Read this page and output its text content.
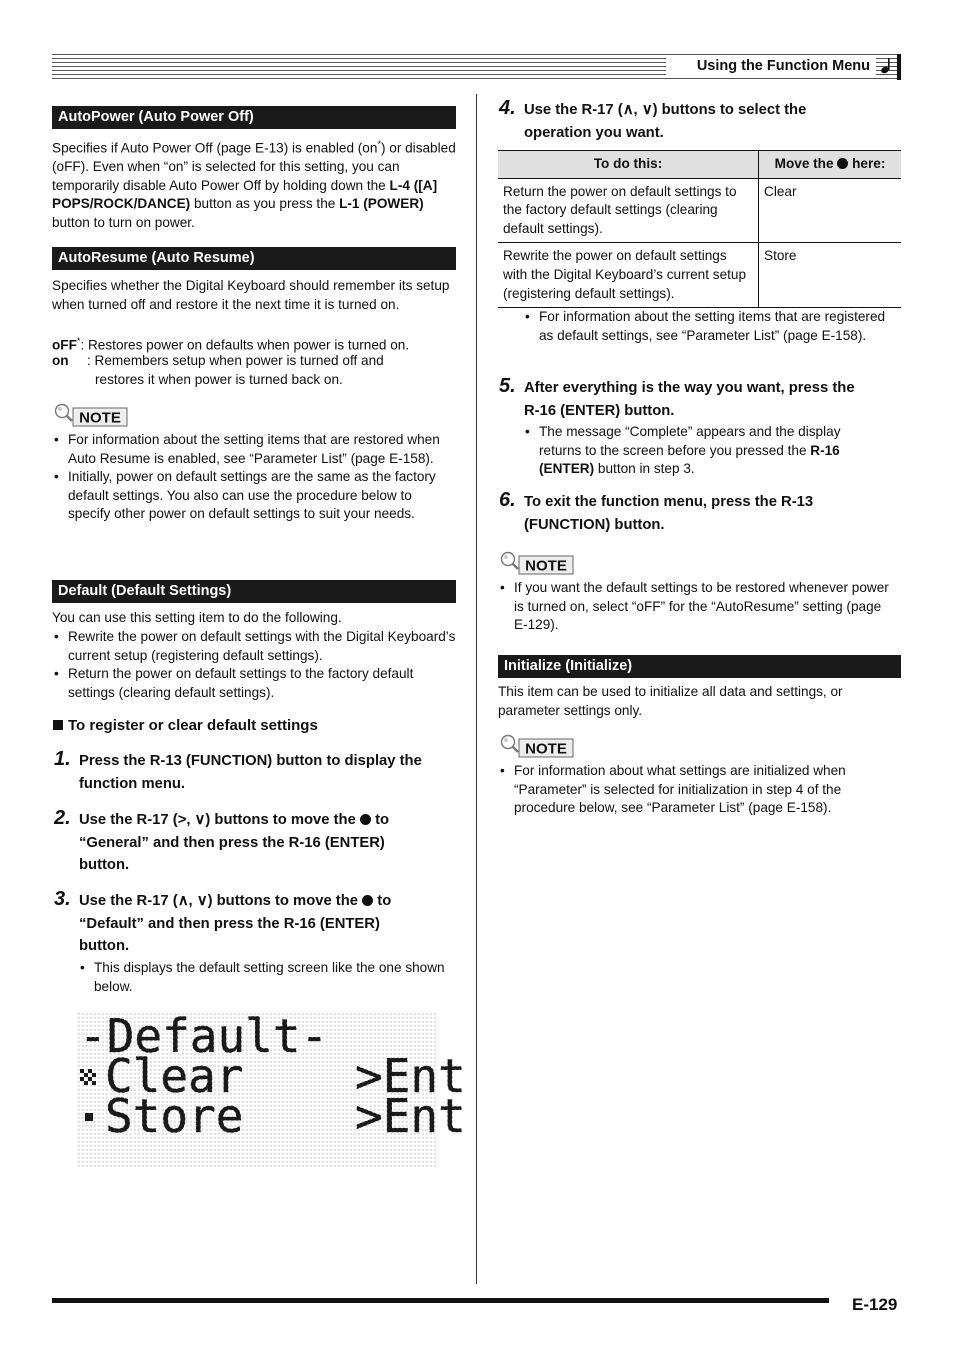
Using the Function Menu
AutoPower (Auto Power Off)
Specifies if Auto Power Off (page E-13) is enabled (on*) or disabled (oFF). Even when “on” is selected for this setting, you can temporarily disable Auto Power Off by holding down the L-4 ([A] POPS/ROCK/DANCE) button as you press the L-1 (POWER) button to turn on power.
AutoResume (Auto Resume)
Specifies whether the Digital Keyboard should remember its setup when turned off and restore it the next time it is turned on.
oFF*: Restores power on defaults when power is turned on.
on	: Remembers setup when power is turned off and
restores it when power is turned back on.
NOTE
• For information about the setting items that are restored when Auto Resume is enabled, see “Parameter List” (page E-158).
• Initially, power on default settings are the same as the factory default settings. You also can use the procedure below to specify other power on default settings to suit your needs.
Default (Default Settings)
You can use this setting item to do the following.
• Rewrite the power on default settings with the Digital Keyboard’s current setup (registering default settings).
• Return the power on default settings to the factory default settings (clearing default settings).
To register or clear default settings
1. Press the R-13 (FUNCTION) button to display the function menu.
2. Use the R-17 (>, ∨) buttons to move the to
“General” and then press the R-16 (ENTER)
button.
3. Use the R-17 (∧, ∨) buttons to move the to
“Default” and then press the R-16 (ENTER)
button.
• This displays the default setting screen like the one shown below.
-Default-
Clear
Store
>Ent
>Ent
4. Use the R-17 (∧, ∨) buttons to select the
operation you want.
To do this:	Move the here:
Return the power on default settings to the factory default settings (clearing default settings).	Clear
Rewrite the power on default settings with the Digital Keyboard’s current setup (registering default settings).	Store
• For information about the setting items that are registered as default settings, see “Parameter List” (page E-158).
5. After everything is the way you want, press the
R-16 (ENTER) button.
• The message “Complete” appears and the display returns to the screen before you pressed the R-16 (ENTER) button in step 3.
6. To exit the function menu, press the R-13
(FUNCTION) button.
NOTE
• If you want the default settings to be restored whenever power is turned on, select “oFF” for the “AutoResume” setting (page E-129).
Initialize (Initialize)
This item can be used to initialize all data and settings, or parameter settings only.
NOTE
• For information about what settings are initialized when “Parameter” is selected for initialization in step 4 of the procedure below, see “Parameter List” (page E-158).
E-129
